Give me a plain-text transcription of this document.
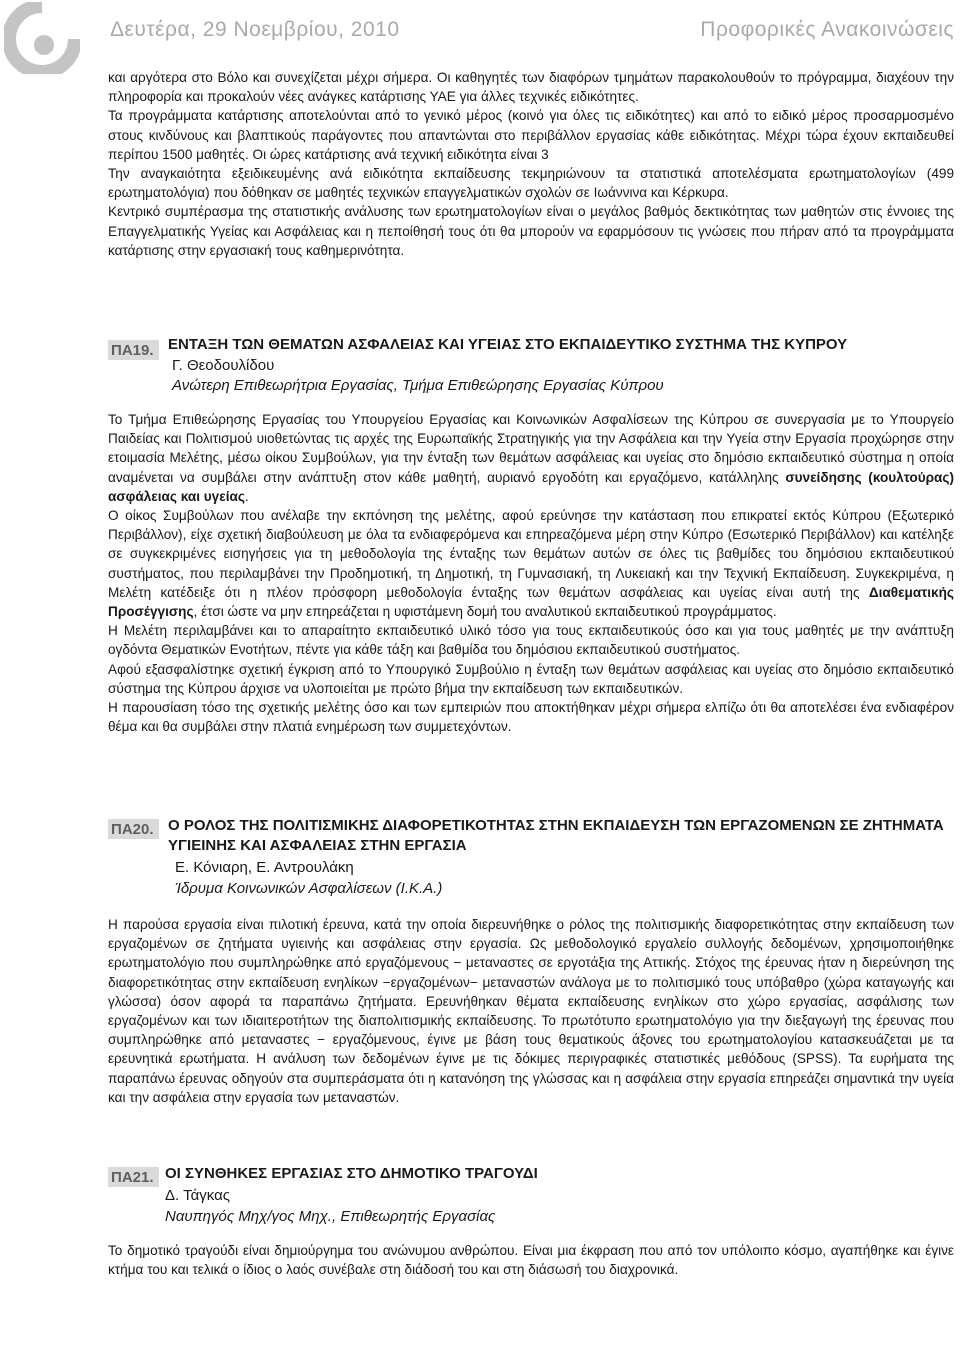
Δευτέρα, 29 Νοεμβρίου, 2010	Προφορικές Ανακοινώσεις

και αργότερα στο Βόλο και συνεχίζεται μέχρι σήμερα. Οι καθηγητές των διαφόρων τμημάτων παρακολουθούν το πρόγραμμα, διαχέουν την πληροφορία και προκαλούν νέες ανάγκες κατάρτισης ΥΑΕ για άλλες τεχνικές ειδικότητες.

Τα προγράμματα κατάρτισης αποτελούνται από το γενικό μέρος (κοινό για όλες τις ειδικότητες) και από το ειδικό μέρος προσαρμοσμένο στους κινδύνους και βλαπτικούς παράγοντες που απαντώνται στο περιβάλλον εργασίας κάθε ειδικότητας. Μέχρι τώρα έχουν εκπαιδευθεί περίπου 1500 μαθητές. Οι ώρες κατάρτισης ανά τεχνική ειδικότητα είναι 3

Την αναγκαιότητα εξειδικευμένης ανά ειδικότητα εκπαίδευσης τεκμηριώνουν τα στατιστικά αποτελέσματα ερωτηματολογίων (499 ερωτηματολόγια) που δόθηκαν σε μαθητές τεχνικών επαγγελματικών σχολών σε Ιωάννινα και Κέρκυρα.

Κεντρικό συμπέρασμα της στατιστικής ανάλυσης των ερωτηματολογίων είναι ο μεγάλος βαθμός δεκτικότητας των μαθητών στις έννοιες της Επαγγελματικής Υγείας και Ασφάλειας και η πεποίθησή τους ότι θα μπορούν να εφαρμόσουν τις γνώσεις που πήραν από τα προγράμματα κατάρτισης στην εργασιακή τους καθημερινότητα.

ΠΑ19. ΕΝΤΑΞΗ ΤΩΝ ΘΕΜΑΤΩΝ ΑΣΦΑΛΕΙΑΣ ΚΑΙ ΥΓΕΙΑΣ ΣΤΟ ΕΚΠΑΙΔΕΥΤΙΚΟ ΣΥΣΤΗΜΑ ΤΗΣ ΚΥΠΡΟΥ
Γ. Θεοδουλίδου
Ανώτερη Επιθεωρήτρια Εργασίας, Τμήμα Επιθεώρησης Εργασίας Κύπρου

Το Τμήμα Επιθεώρησης Εργασίας του Υπουργείου Εργασίας και Κοινωνικών Ασφαλίσεων της Κύπρου σε συνεργασία με το Υπουργείο Παιδείας και Πολιτισμού υιοθετώντας τις αρχές της Ευρωπαϊκής Στρατηγικής για την Ασφάλεια και την Υγεία στην Εργασία προχώρησε στην ετοιμασία Μελέτης, μέσω οίκου Συμβούλων, για την ένταξη των θεμάτων ασφάλειας και υγείας στο δημόσιο εκπαιδευτικό σύστημα η οποία αναμένεται να συμβάλει στην ανάπτυξη στον κάθε μαθητή, αυριανό εργοδότη και εργαζόμενο, κατάλληλης συνείδησης (κουλτούρας) ασφάλειας και υγείας.

Ο οίκος Συμβούλων που ανέλαβε την εκπόνηση της μελέτης, αφού ερεύνησε την κατάσταση που επικρατεί εκτός Κύπρου (Εξωτερικό Περιβάλλον), είχε σχετική διαβούλευση με όλα τα ενδιαφερόμενα και επηρεαζόμενα μέρη στην Κύπρο (Εσωτερικό Περιβάλλον) και κατέληξε σε συγκεκριμένες εισηγήσεις για τη μεθοδολογία της ένταξης των θεμάτων αυτών σε όλες τις βαθμίδες του δημόσιου εκπαιδευτικού συστήματος, που περιλαμβάνει την Προδημοτική, τη Δημοτική, τη Γυμνασιακή, τη Λυκειακή και την Τεχνική Εκπαίδευση. Συγκεκριμένα, η Μελέτη κατέδειξε ότι η πλέον πρόσφορη μεθοδολογία ένταξης των θεμάτων ασφάλειας και υγείας είναι αυτή της Διαθεματικής Προσέγγισης, έτσι ώστε να μην επηρεάζεται η υφιστάμενη δομή του αναλυτικού εκπαιδευτικού προγράμματος.

Η Μελέτη περιλαμβάνει και το απαραίτητο εκπαιδευτικό υλικό τόσο για τους εκπαιδευτικούς όσο και για τους μαθητές με την ανάπτυξη ογδόντα Θεματικών Ενοτήτων, πέντε για κάθε τάξη και βαθμίδα του δημόσιου εκπαιδευτικού συστήματος.

Αφού εξασφαλίστηκε σχετική έγκριση από το Υπουργικό Συμβούλιο η ένταξη των θεμάτων ασφάλειας και υγείας στο δημόσιο εκπαιδευτικό σύστημα της Κύπρου άρχισε να υλοποιείται με πρώτο βήμα την εκπαίδευση των εκπαιδευτικών.

Η παρουσίαση τόσο της σχετικής μελέτης όσο και των εμπειριών που αποκτήθηκαν μέχρι σήμερα ελπίζω ότι θα αποτελέσει ένα ενδιαφέρον θέμα και θα συμβάλει στην πλατιά ενημέρωση των συμμετεχόντων.

ΠΑ20. Ο ΡΟΛΟΣ ΤΗΣ ΠΟΛΙΤΙΣΜΙΚΗΣ ΔΙΑΦΟΡΕΤΙΚΟΤΗΤΑΣ ΣΤΗΝ ΕΚΠΑΙΔΕΥΣΗ ΤΩΝ ΕΡΓΑΖΟΜΕΝΩΝ ΣΕ ΖΗΤΗΜΑΤΑ ΥΓΙΕΙΝΗΣ ΚΑΙ ΑΣΦΑΛΕΙΑΣ ΣΤΗΝ ΕΡΓΑΣΙΑ
Ε. Κόνιαρη, Ε. Αντρουλάκη
Ίδρυμα Κοινωνικών Ασφαλίσεων (Ι.Κ.Α.)

Η παρούσα εργασία είναι πιλοτική έρευνα, κατά την οποία διερευνήθηκε ο ρόλος της πολιτισμικής διαφορετικότητας στην εκπαίδευση των εργαζομένων σε ζητήματα υγιεινής και ασφάλειας στην εργασία. Ως μεθοδολογικό εργαλείο συλλογής δεδομένων, χρησιμοποιήθηκε ερωτηματολόγιο που συμπληρώθηκε από εργαζόμενους − μεταναστες σε εργοτάξια της Αττικής. Στόχος της έρευνας ήταν η διερεύνηση της διαφορετικότητας στην εκπαίδευση ενηλίκων −εργαζομένων− μεταναστών ανάλογα με το πολιτισμικό τους υπόβαθρο (χώρα καταγωγής και γλώσσα) όσον αφορά τα παραπάνω ζητήματα. Ερευνήθηκαν θέματα εκπαίδευσης ενηλίκων στο χώρο εργασίας, ασφάλισης των εργαζομένων και των ιδιαιτεροτήτων της διαπολιτισμικής εκπαίδευσης. Το πρωτότυπο ερωτηματολόγιο για την διεξαγωγή της έρευνας που συμπληρώθηκε από μεταναστες − εργαζόμενους, έγινε με βάση τους θεματικούς άξονες του ερωτηματολογίου κατασκευάζεται με τα ερευνητικά ερωτήματα. Η ανάλυση των δεδομένων έγινε με τις δόκιμες περιγραφικές στατιστικές μεθόδους (SPSS). Τα ευρήματα της παραπάνω έρευνας οδηγούν στα συμπεράσματα ότι η κατανόηση της γλώσσας και η ασφάλεια στην εργασία επηρεάζει σημαντικά την υγεία και την ασφάλεια στην εργασία των μεταναστών.

ΠΑ21. ΟΙ ΣΥΝΘΗΚΕΣ ΕΡΓΑΣΙΑΣ ΣΤΟ ΔΗΜΟΤΙΚΟ ΤΡΑΓΟΥΔΙ
Δ. Τάγκας
Ναυπηγός Μηχ/γος Μηχ., Επιθεωρητής Εργασίας

Το δημοτικό τραγούδι είναι δημιούργημα του ανώνυμου ανθρώπου. Είναι μια έκφραση που από τον υπόλοιπο κόσμο, αγαπήθηκε και έγινε κτήμα του και τελικά ο ίδιος ο λαός συνέβαλε στη διάδοσή του και στη διάσωσή του διαχρονικά.
